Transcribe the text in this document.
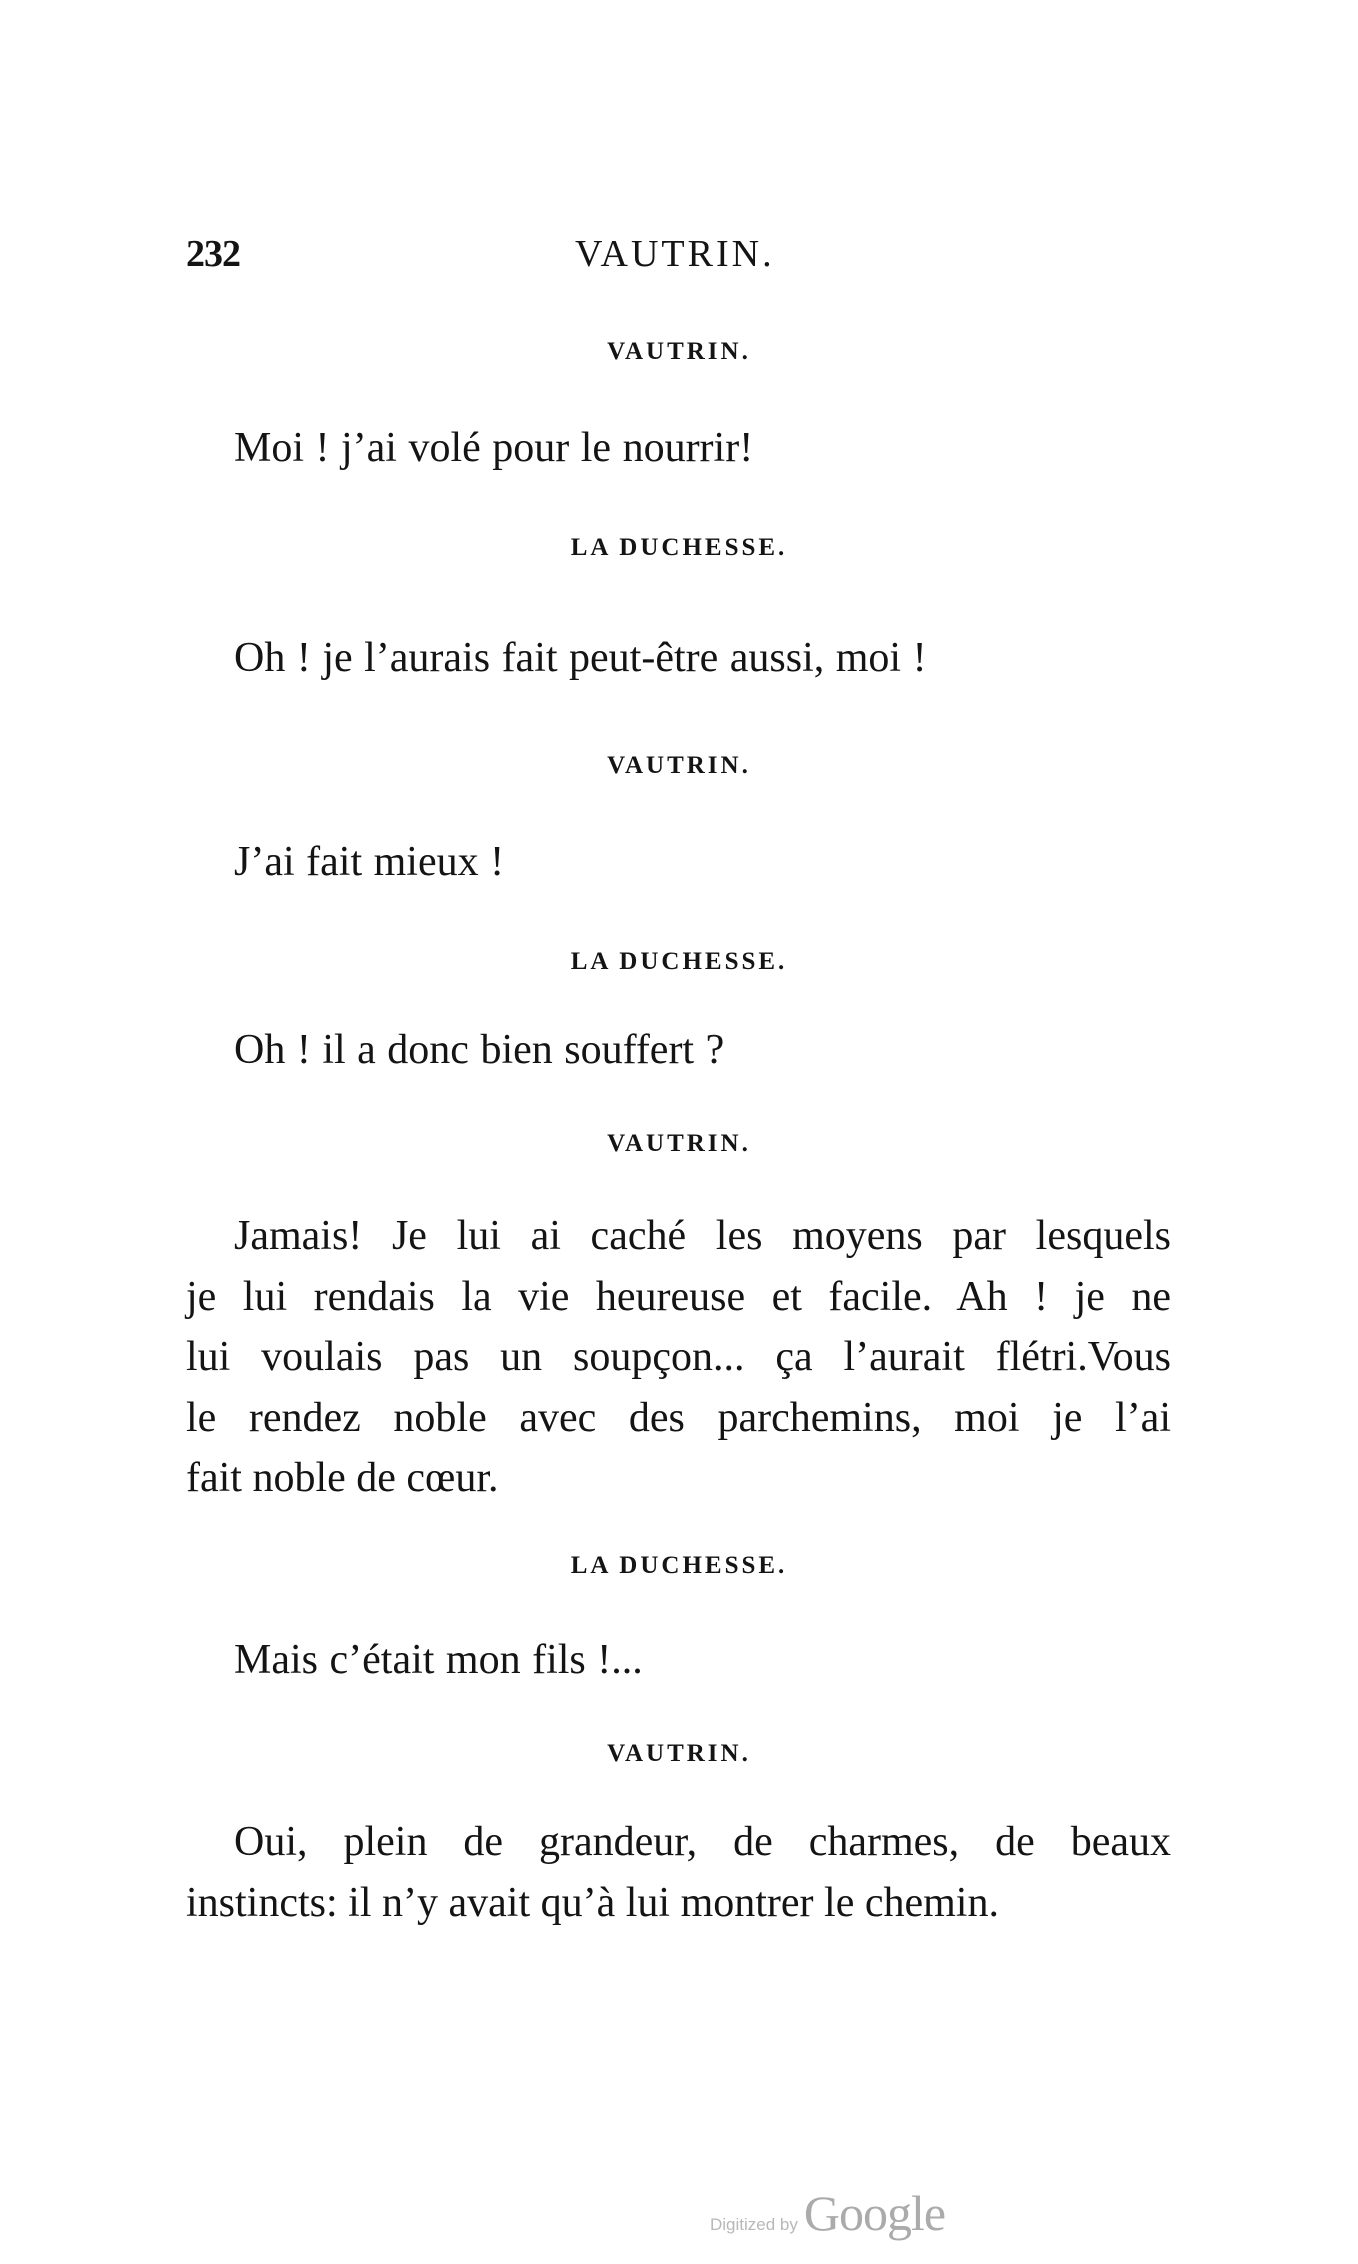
232	VAUTRIN.
VAUTRIN.
Moi ! j’ai volé pour le nourrir!
LA DUCHESSE.
Oh ! je l’aurais fait peut-être aussi, moi !
VAUTRIN.
J’ai fait mieux !
LA DUCHESSE.
Oh ! il a donc bien souffert ?
VAUTRIN.
Jamais! Je lui ai caché les moyens par lesquels
je lui rendais la vie heureuse et facile. Ah ! je ne
lui voulais pas un soupçon... ça l’aurait flétri.Vous
le rendez noble avec des parchemins, moi je l’ai
fait noble de cœur.
LA DUCHESSE.
Mais c’était mon fils !...
VAUTRIN.
Oui, plein de grandeur, de charmes, de beaux
instincts: il n’y avait qu’à lui montrer le chemin.
Digitized by Google
